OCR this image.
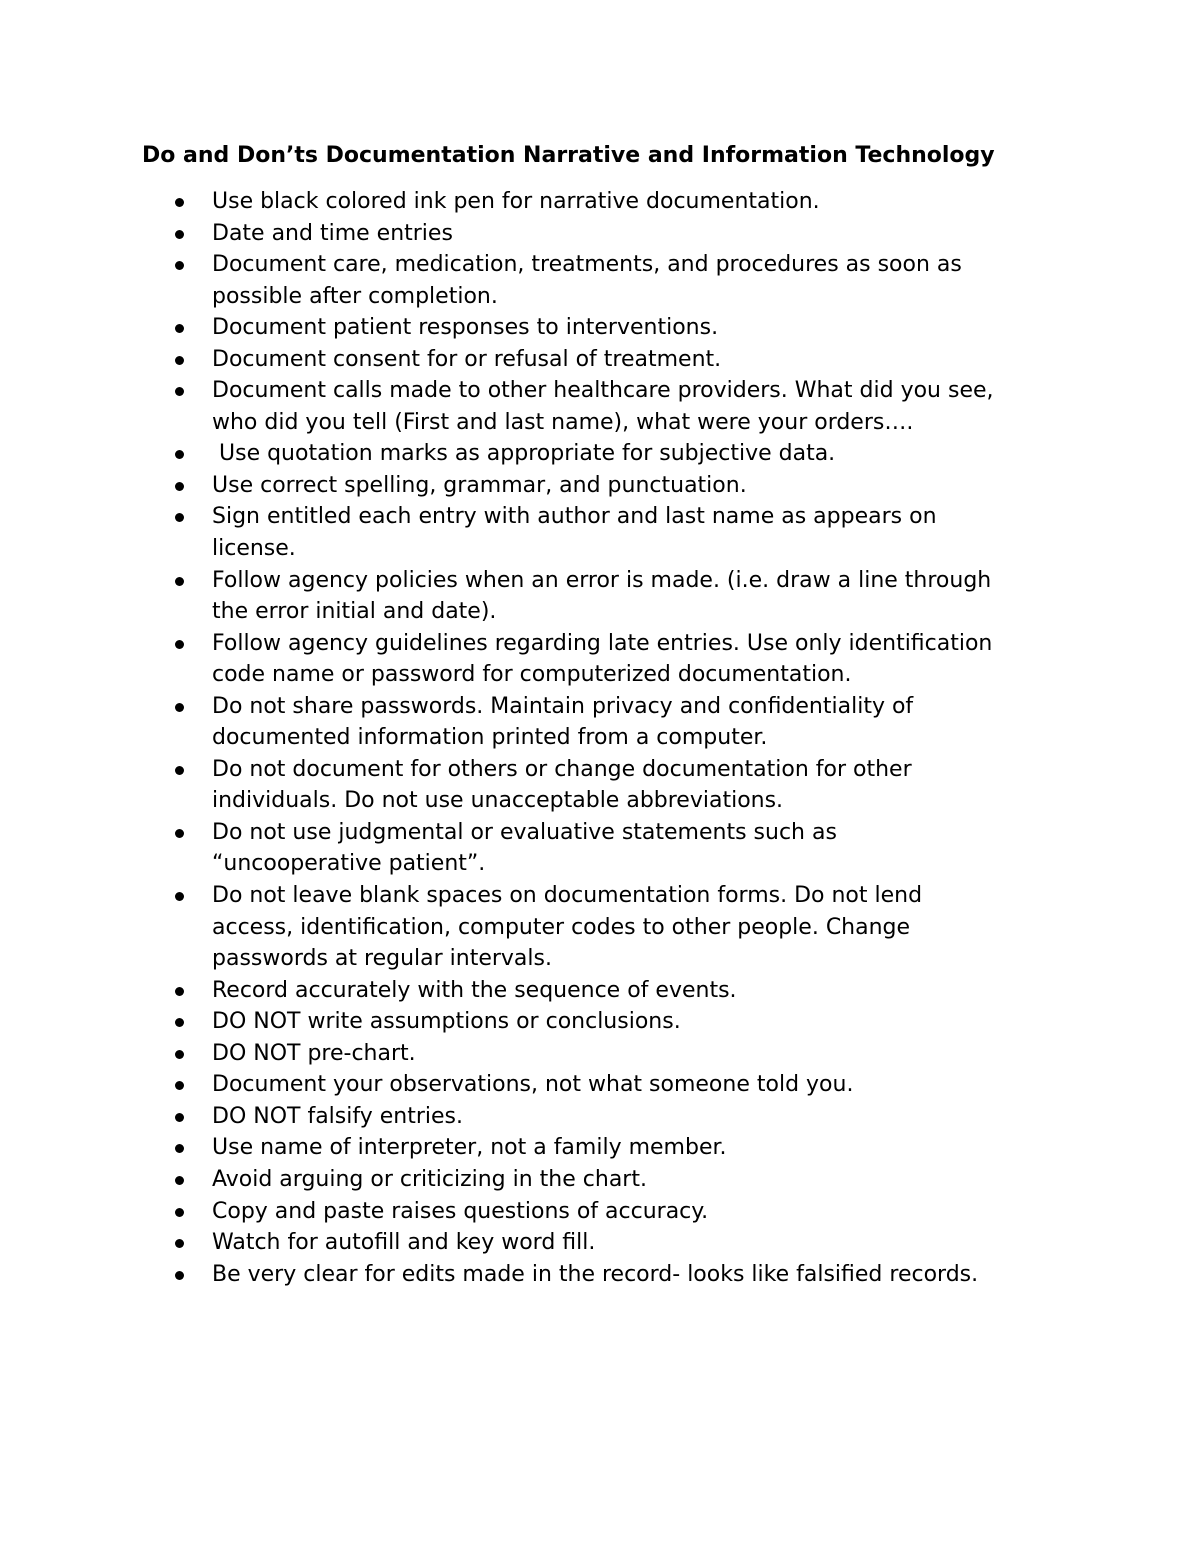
Do and Don’ts Documentation Narrative and Information Technology
Use black colored ink pen for narrative documentation.
Date and time entries
Document care, medication, treatments, and procedures as soon as
possible after completion.
Document patient responses to interventions.
Document consent for or refusal of treatment.
Document calls made to other healthcare providers. What did you see,
who did you tell (First and last name), what were your orders….
Use quotation marks as appropriate for subjective data.
Use correct spelling, grammar, and punctuation.
Sign entitled each entry with author and last name as appears on
license.
Follow agency policies when an error is made. (i.e. draw a line through
the error initial and date).
Follow agency guidelines regarding late entries. Use only identification
code name or password for computerized documentation.
Do not share passwords. Maintain privacy and confidentiality of
documented information printed from a computer.
Do not document for others or change documentation for other
individuals. Do not use unacceptable abbreviations.
Do not use judgmental or evaluative statements such as
“uncooperative patient”.
Do not leave blank spaces on documentation forms. Do not lend
access, identification, computer codes to other people. Change
passwords at regular intervals.
Record accurately with the sequence of events.
DO NOT write assumptions or conclusions.
DO NOT pre-chart.
Document your observations, not what someone told you.
DO NOT falsify entries.
Use name of interpreter, not a family member.
Avoid arguing or criticizing in the chart.
Copy and paste raises questions of accuracy.
Watch for autofill and key word fill.
Be very clear for edits made in the record- looks like falsified records.
